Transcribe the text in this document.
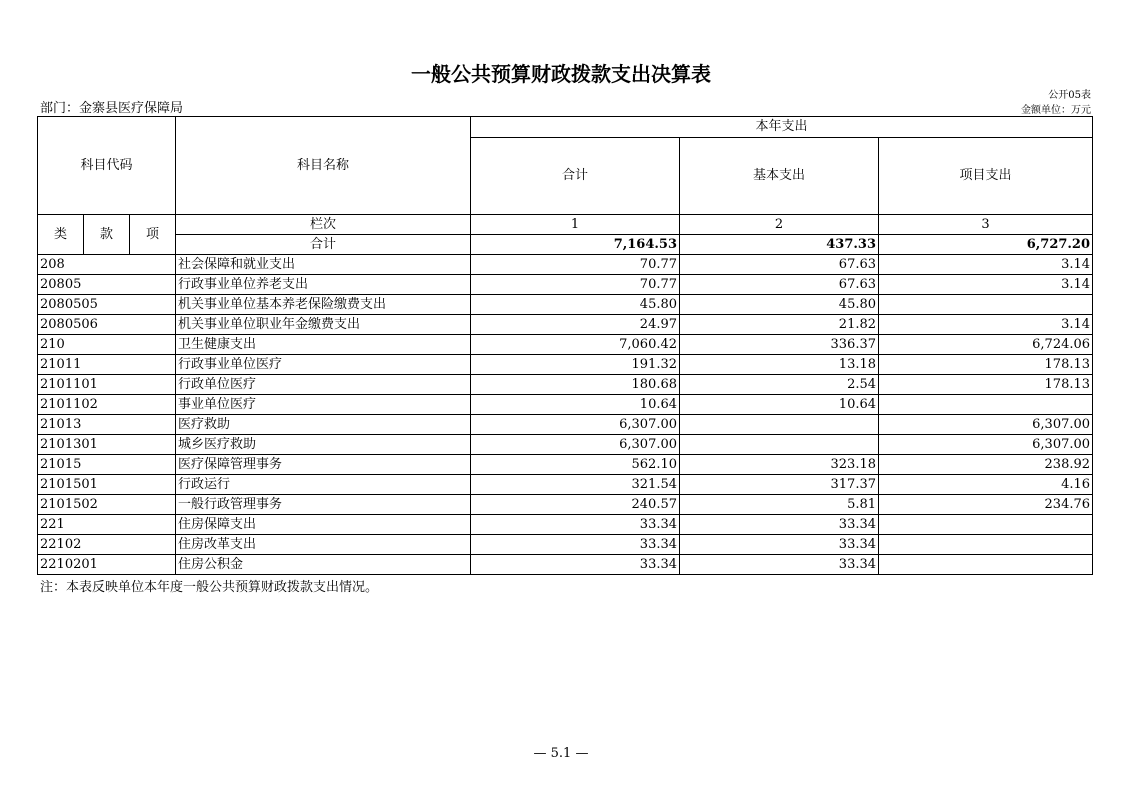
一般公共预算财政拨款支出决算表
公开05表
部门：金寨县医疗保障局	金额单位：万元
科目代码			科目名称	本年支出		
				合计	基本支出	项目支出
类	款	项	栏次	1	2	3
			合计	7,164.53	437.33	6,727.20
208			社会保障和就业支出	70.77	67.63	3.14
20805			行政事业单位养老支出	70.77	67.63	3.14
2080505			机关事业单位基本养老保险缴费支出	45.80	45.80	
2080506			机关事业单位职业年金缴费支出	24.97	21.82	3.14
210			卫生健康支出	7,060.42	336.37	6,724.06
21011			行政事业单位医疗	191.32	13.18	178.13
2101101			行政单位医疗	180.68	2.54	178.13
2101102			事业单位医疗	10.64	10.64	
21013			医疗救助	6,307.00		6,307.00
2101301			城乡医疗救助	6,307.00		6,307.00
21015			医疗保障管理事务	562.10	323.18	238.92
2101501			行政运行	321.54	317.37	4.16
2101502			一般行政管理事务	240.57	5.81	234.76
221			住房保障支出	33.34	33.34	
22102			住房改革支出	33.34	33.34	
2210201			住房公积金	33.34	33.34	
注：本表反映单位本年度一般公共预算财政拨款支出情况。
— 5.1 —
